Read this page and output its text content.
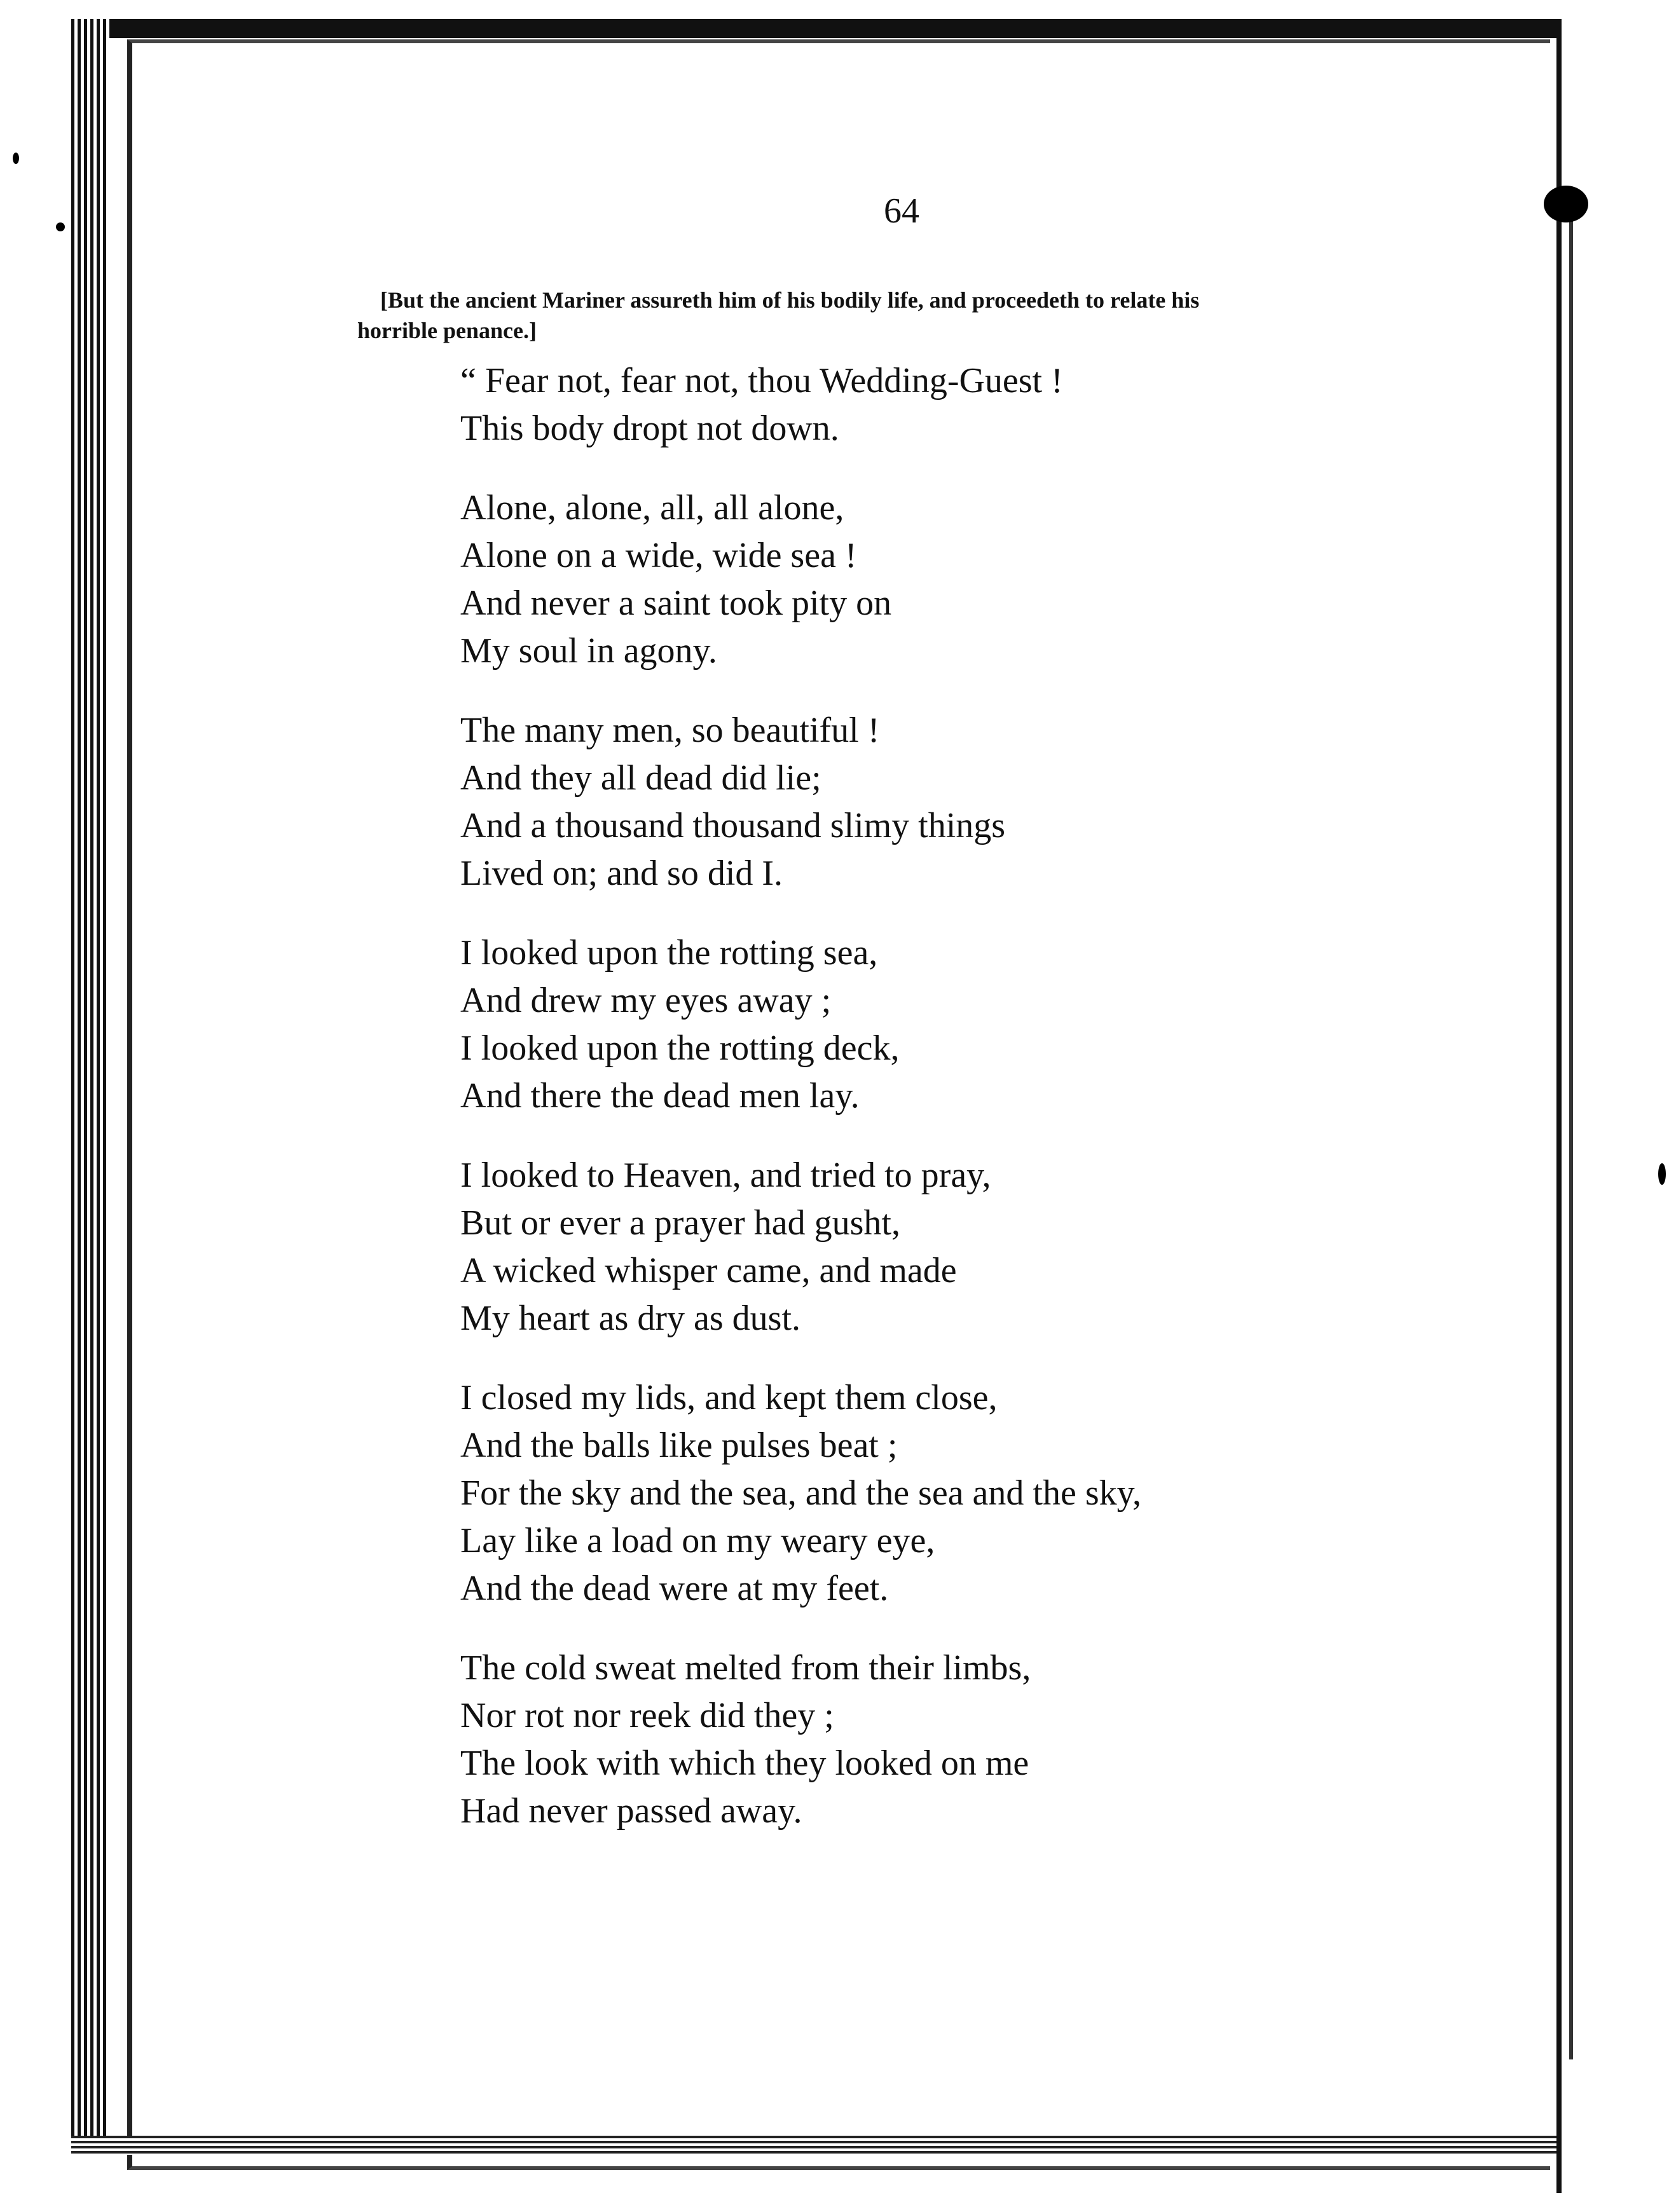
64
[But the ancient Mariner assureth him of his bodily life, and proceedeth to relate his
horrible penance.]
“ Fear not, fear not, thou Wedding-Guest !
This body dropt not down.
Alone, alone, all, all alone,
Alone on a wide, wide sea !
And never a saint took pity on
My soul in agony.
The many men, so beautiful !
And they all dead did lie;
And a thousand thousand slimy things
Lived on; and so did I.
I looked upon the rotting sea,
And drew my eyes away ;
I looked upon the rotting deck,
And there the dead men lay.
I looked to Heaven, and tried to pray,
But or ever a prayer had gusht,
A wicked whisper came, and made
My heart as dry as dust.
I closed my lids, and kept them close,
And the balls like pulses beat ;
For the sky and the sea, and the sea and the sky,
Lay like a load on my weary eye,
And the dead were at my feet.
The cold sweat melted from their limbs,
Nor rot nor reek did they ;
The look with which they looked on me
Had never passed away.
